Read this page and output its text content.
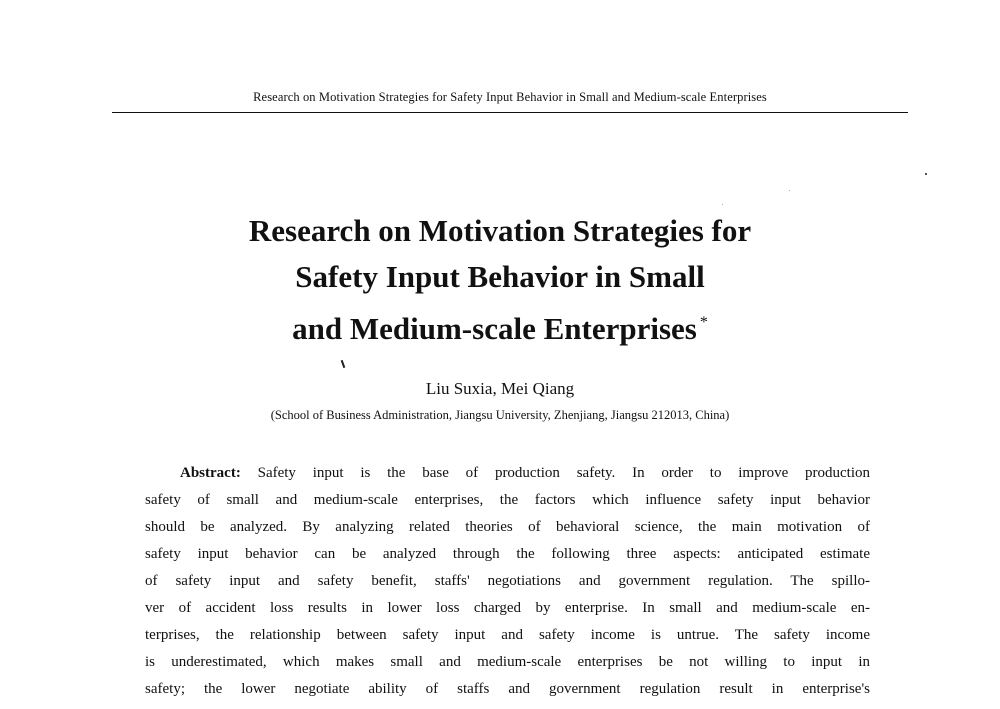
Research on Motivation Strategies for Safety Input Behavior in Small and Medium-scale Enterprises
Research on Motivation Strategies for
Safety Input Behavior in Small
and Medium-scale Enterprises *
Liu Suxia, Mei Qiang
(School of Business Administration, Jiangsu University, Zhenjiang, Jiangsu 212013, China)
Abstract: Safety input is the base of production safety. In order to improve production
safety of small and medium-scale enterprises, the factors which influence safety input behavior
should be analyzed. By analyzing related theories of behavioral science, the main motivation of
safety input behavior can be analyzed through the following three aspects: anticipated estimate
of safety input and safety benefit, staffs' negotiations and government regulation. The spillo-
ver of accident loss results in lower loss charged by enterprise. In small and medium-scale en-
terprises, the relationship between safety input and safety income is untrue. The safety income
is underestimated, which makes small and medium-scale enterprises be not willing to input in
safety; the lower negotiate ability of staffs and government regulation result in enterprise's
